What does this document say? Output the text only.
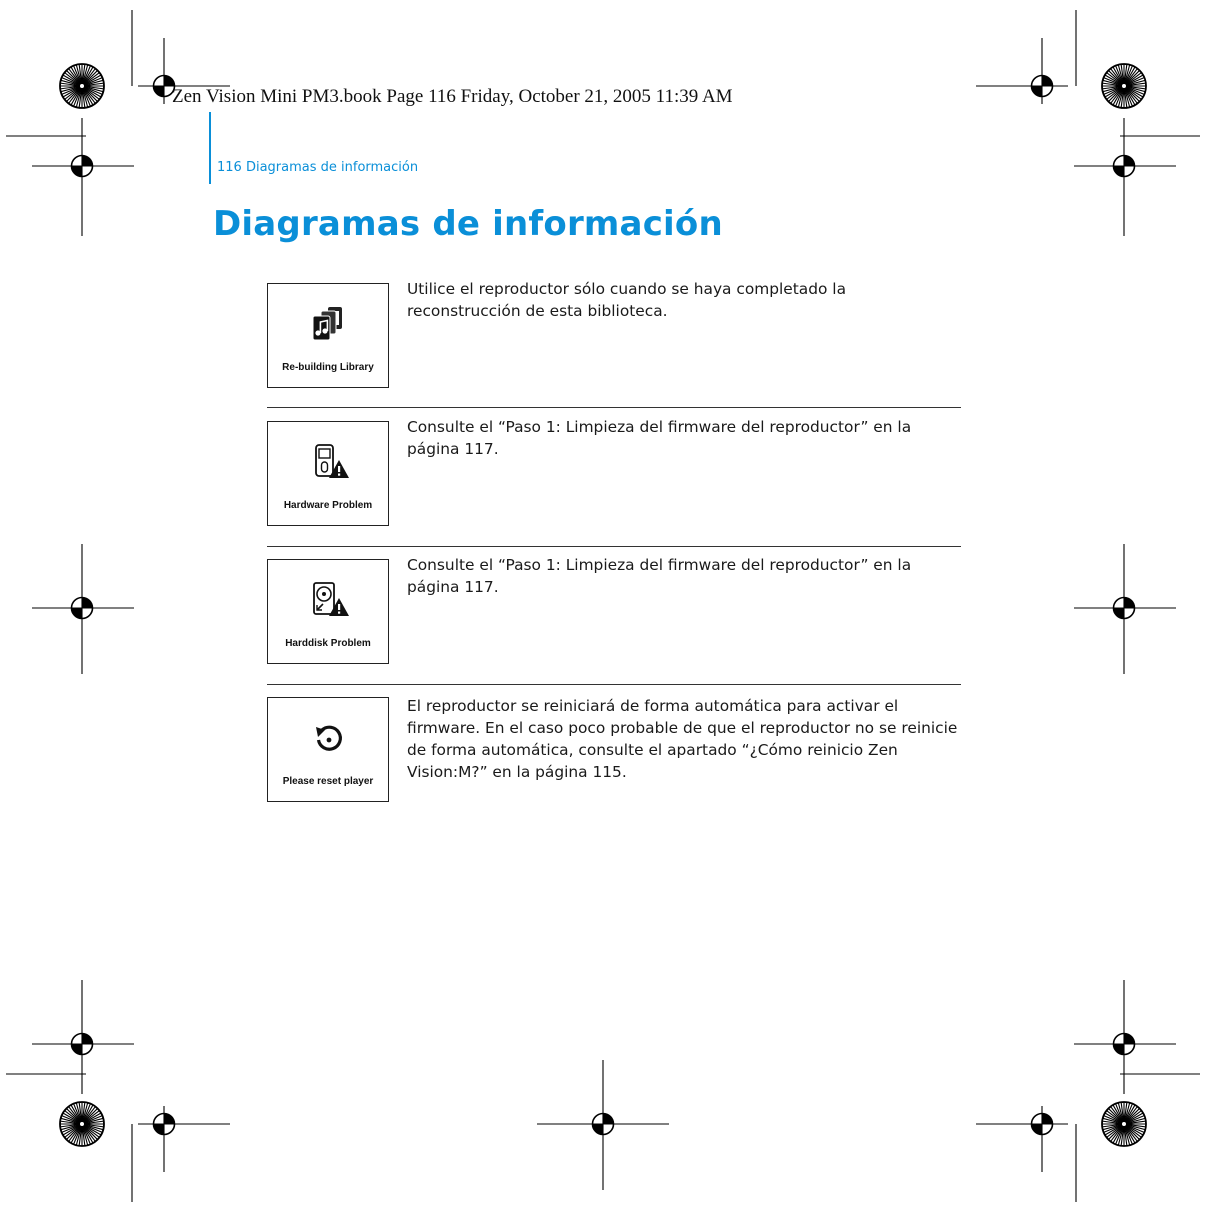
Zen Vision Mini PM3.book Page 116 Friday, October 21, 2005 11:39 AM
116 Diagramas de información
Diagramas de información
Re-building Library

Utilice el reproductor sólo cuando se haya completado la reconstrucción de esta biblioteca.

Hardware Problem

Consulte el “Paso 1: Limpieza del firmware del reproductor” en la página 117.

Harddisk Problem

Consulte el “Paso 1: Limpieza del firmware del reproductor” en la página 117.

Please reset player

El reproductor se reiniciará de forma automática para activar el firmware. En el caso poco probable de que el reproductor no se reinicie de forma automática, consulte el apartado “¿Cómo reinicio Zen Vision:M?” en la página 115.
